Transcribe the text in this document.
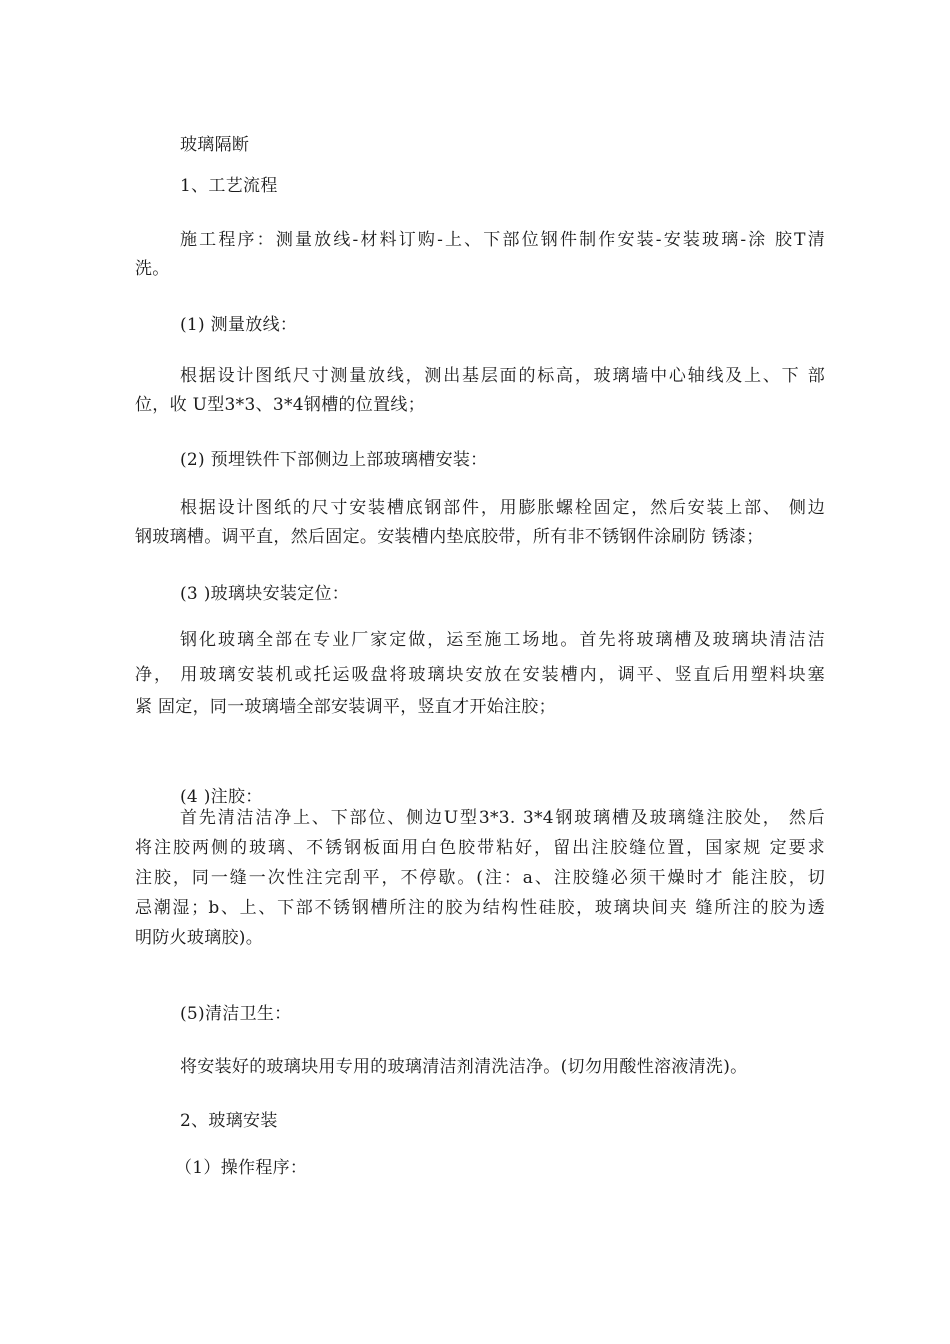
玻璃隔断
1、工艺流程
施工程序：测量放线-材料订购-上、下部位钢件制作安装-安装玻璃-涂 胶T清
洗。
(1) 测量放线：
根据设计图纸尺寸测量放线，测出基层面的标高，玻璃墙中心轴线及上、下 部
位，收 U型3*3、3*4钢槽的位置线；
(2) 预埋铁件下部侧边上部玻璃槽安装：
根据设计图纸的尺寸安装槽底钢部件，用膨胀螺栓固定，然后安装上部、 侧边
钢玻璃槽。调平直，然后固定。安装槽内垫底胶带，所有非不锈钢件涂刷防 锈漆；
(3 )玻璃块安装定位：
钢化玻璃全部在专业厂家定做，运至施工场地。首先将玻璃槽及玻璃块清洁洁
净， 用玻璃安装机或托运吸盘将玻璃块安放在安装槽内，调平、竖直后用塑料块塞
紧 固定，同一玻璃墙全部安装调平，竖直才开始注胶；
(4 )注胶：
首先清洁洁净上、下部位、侧边U型3*3. 3*4钢玻璃槽及玻璃缝注胶处， 然后
将注胶两侧的玻璃、不锈钢板面用白色胶带粘好，留出注胶缝位置，国家规 定要求
注胶，同一缝一次性注完刮平，不停歇。(注：a、注胶缝必须干燥时才 能注胶，切
忌潮湿；b、上、下部不锈钢槽所注的胶为结构性硅胶，玻璃块间夹 缝所注的胶为透
明防火玻璃胶)。
(5)清洁卫生：
将安装好的玻璃块用专用的玻璃清洁剂清洗洁净。(切勿用酸性溶液清洗)。
2、玻璃安装
（1）操作程序：
